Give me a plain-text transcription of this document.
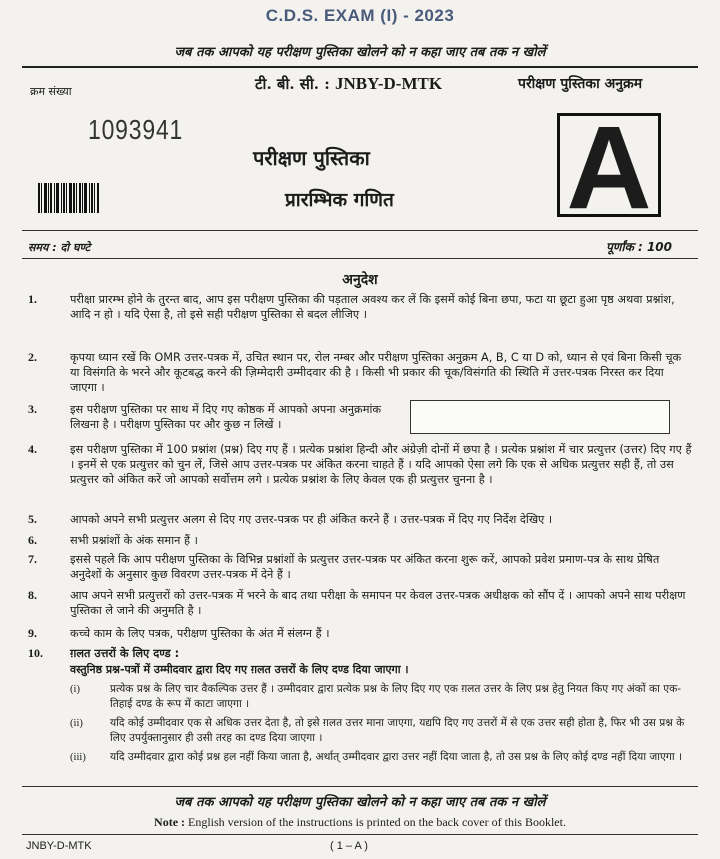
C.D.S. EXAM (I) - 2023
जब तक आपको यह परीक्षण पुस्तिका खोलने को न कहा जाए तब तक न खोलें
क्रम संख्या	टी. बी. सी. : JNBY-D-MTK	परीक्षण पुस्तिका अनुक्रम
1093941
परीक्षण पुस्तिका
प्रारम्भिक गणित A
समय : दो घण्टे	पूर्णांक : 100
अनुदेश
1.	परीक्षा प्रारम्भ होने के तुरन्त बाद, आप इस परीक्षण पुस्तिका की पड़ताल अवश्य कर लें कि इसमें कोई बिना छपा, फटा या छूटा हुआ पृष्ठ अथवा प्रश्नांश, आदि न हो । यदि ऐसा है, तो इसे सही परीक्षण पुस्तिका से बदल लीजिए ।
2.	कृपया ध्यान रखें कि OMR उत्तर-पत्रक में, उचित स्थान पर, रोल नम्बर और परीक्षण पुस्तिका अनुक्रम A, B, C या D को, ध्यान से एवं बिना किसी चूक या विसंगति के भरने और कूटबद्ध करने की ज़िम्मेदारी उम्मीदवार की है । किसी भी प्रकार की चूक/विसंगति की स्थिति में उत्तर-पत्रक निरस्त कर दिया जाएगा ।
3.	इस परीक्षण पुस्तिका पर साथ में दिए गए कोष्ठक में आपको अपना अनुक्रमांक लिखना है । परीक्षण पुस्तिका पर और कुछ न लिखें ।
4.	इस परीक्षण पुस्तिका में 100 प्रश्नांश (प्रश्न) दिए गए हैं । प्रत्येक प्रश्नांश हिन्दी और अंग्रेज़ी दोनों में छपा है । प्रत्येक प्रश्नांश में चार प्रत्युत्तर (उत्तर) दिए गए हैं । इनमें से एक प्रत्युत्तर को चुन लें, जिसे आप उत्तर-पत्रक पर अंकित करना चाहते हैं । यदि आपको ऐसा लगे कि एक से अधिक प्रत्युत्तर सही हैं, तो उस प्रत्युत्तर को अंकित करें जो आपको सर्वोत्तम लगे । प्रत्येक प्रश्नांश के लिए केवल एक ही प्रत्युत्तर चुनना है ।
5.	आपको अपने सभी प्रत्युत्तर अलग से दिए गए उत्तर-पत्रक पर ही अंकित करने हैं । उत्तर-पत्रक में दिए गए निर्देश देखिए ।
6.	सभी प्रश्नांशों के अंक समान हैं ।
7.	इससे पहले कि आप परीक्षण पुस्तिका के विभिन्न प्रश्नांशों के प्रत्युत्तर उत्तर-पत्रक पर अंकित करना शुरू करें, आपको प्रवेश प्रमाण-पत्र के साथ प्रेषित अनुदेशों के अनुसार कुछ विवरण उत्तर-पत्रक में देने हैं ।
8.	आप अपने सभी प्रत्युत्तरों को उत्तर-पत्रक में भरने के बाद तथा परीक्षा के समापन पर केवल उत्तर-पत्रक अधीक्षक को सौंप दें । आपको अपने साथ परीक्षण पुस्तिका ले जाने की अनुमति है ।
9.	कच्चे काम के लिए पत्रक, परीक्षण पुस्तिका के अंत में संलग्न हैं ।
10.	ग़लत उत्तरों के लिए दण्ड :
वस्तुनिष्ठ प्रश्न-पत्रों में उम्मीदवार द्वारा दिए गए ग़लत उत्तरों के लिए दण्ड दिया जाएगा ।
(i)	प्रत्येक प्रश्न के लिए चार वैकल्पिक उत्तर हैं । उम्मीदवार द्वारा प्रत्येक प्रश्न के लिए दिए गए एक ग़लत उत्तर के लिए प्रश्न हेतु नियत किए गए अंकों का एक-तिहाई दण्ड के रूप में काटा जाएगा ।
(ii)	यदि कोई उम्मीदवार एक से अधिक उत्तर देता है, तो इसे ग़लत उत्तर माना जाएगा, यद्यपि दिए गए उत्तरों में से एक उत्तर सही होता है, फिर भी उस प्रश्न के लिए उपर्युक्तानुसार ही उसी तरह का दण्ड दिया जाएगा ।
(iii)	यदि उम्मीदवार द्वारा कोई प्रश्न हल नहीं किया जाता है, अर्थात् उम्मीदवार द्वारा उत्तर नहीं दिया जाता है, तो उस प्रश्न के लिए कोई दण्ड नहीं दिया जाएगा ।
जब तक आपको यह परीक्षण पुस्तिका खोलने को न कहा जाए तब तक न खोलें
Note : English version of the instructions is printed on the back cover of this Booklet.
JNBY-D-MTK	( 1 – A )
